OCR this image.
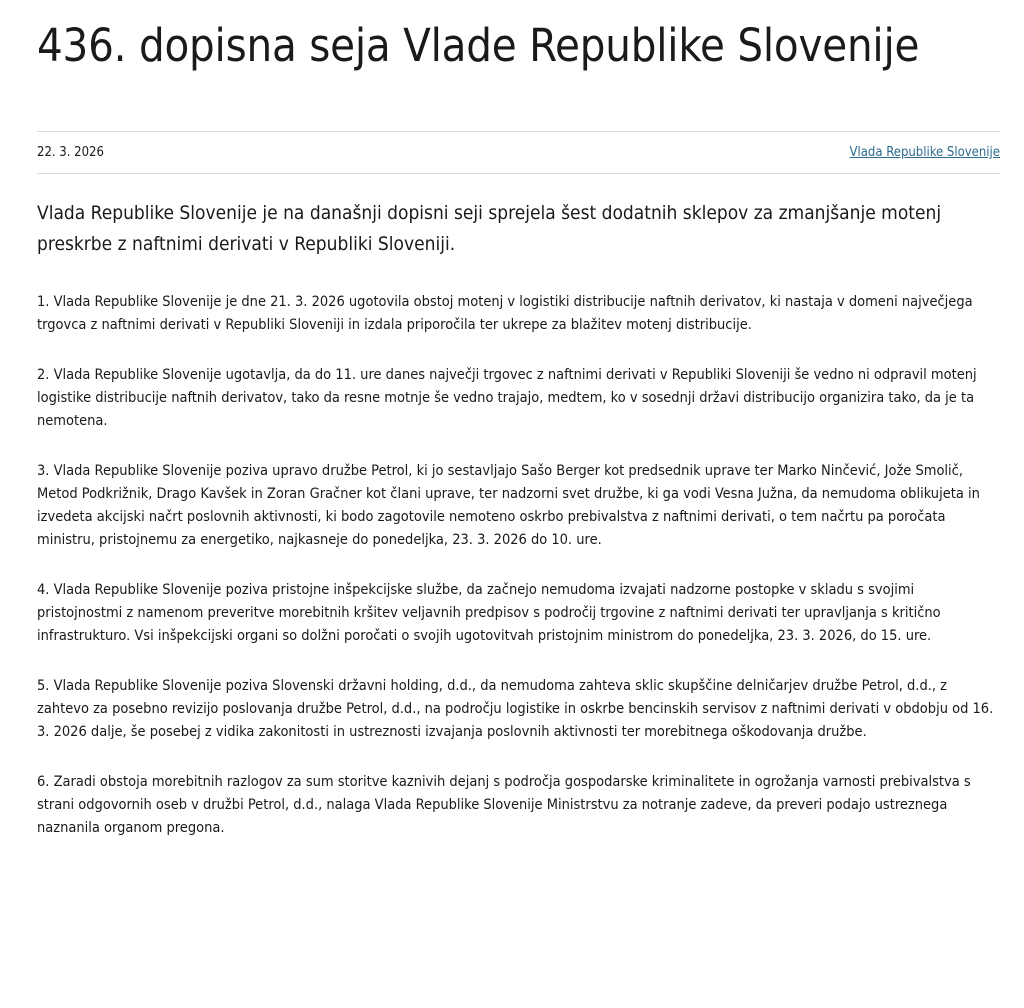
436. dopisna seja Vlade Republike Slovenije
22. 3. 2026	Vlada Republike Slovenije

Vlada Republike Slovenije je na današnji dopisni seji sprejela šest dodatnih sklepov za zmanjšanje motenj preskrbe z naftnimi derivati v Republiki Sloveniji.

1. Vlada Republike Slovenije je dne 21. 3. 2026 ugotovila obstoj motenj v logistiki distribucije naftnih derivatov, ki nastaja v domeni največjega trgovca z naftnimi derivati v Republiki Sloveniji in izdala priporočila ter ukrepe za blažitev motenj distribucije.

2. Vlada Republike Slovenije ugotavlja, da do 11. ure danes največji trgovec z naftnimi derivati v Republiki Sloveniji še vedno ni odpravil motenj logistike distribucije naftnih derivatov, tako da resne motnje še vedno trajajo, medtem, ko v sosednji državi distribucijo organizira tako, da je ta nemotena.

3. Vlada Republike Slovenije poziva upravo družbe Petrol, ki jo sestavljajo Sašo Berger kot predsednik uprave ter Marko Ninčević, Jože Smolič, Metod Podkrižnik, Drago Kavšek in Zoran Gračner kot člani uprave, ter nadzorni svet družbe, ki ga vodi Vesna Južna, da nemudoma oblikujeta in izvedeta akcijski načrt poslovnih aktivnosti, ki bodo zagotovile nemoteno oskrbo prebivalstva z naftnimi derivati, o tem načrtu pa poročata ministru, pristojnemu za energetiko, najkasneje do ponedeljka, 23. 3. 2026 do 10. ure.

4. Vlada Republike Slovenije poziva pristojne inšpekcijske službe, da začnejo nemudoma izvajati nadzorne postopke v skladu s svojimi pristojnostmi z namenom preveritve morebitnih kršitev veljavnih predpisov s področij trgovine z naftnimi derivati ter upravljanja s kritično infrastrukturo. Vsi inšpekcijski organi so dolžni poročati o svojih ugotovitvah pristojnim ministrom do ponedeljka, 23. 3. 2026, do 15. ure.

5. Vlada Republike Slovenije poziva Slovenski državni holding, d.d., da nemudoma zahteva sklic skupščine delničarjev družbe Petrol, d.d., z zahtevo za posebno revizijo poslovanja družbe Petrol, d.d., na področju logistike in oskrbe bencinskih servisov z naftnimi derivati v obdobju od 16. 3. 2026 dalje, še posebej z vidika zakonitosti in ustreznosti izvajanja poslovnih aktivnosti ter morebitnega oškodovanja družbe.

6. Zaradi obstoja morebitnih razlogov za sum storitve kaznivih dejanj s področja gospodarske kriminalitete in ogrožanja varnosti prebivalstva s strani odgovornih oseb v družbi Petrol, d.d., nalaga Vlada Republike Slovenije Ministrstvu za notranje zadeve, da preveri podajo ustreznega naznanila organom pregona.
